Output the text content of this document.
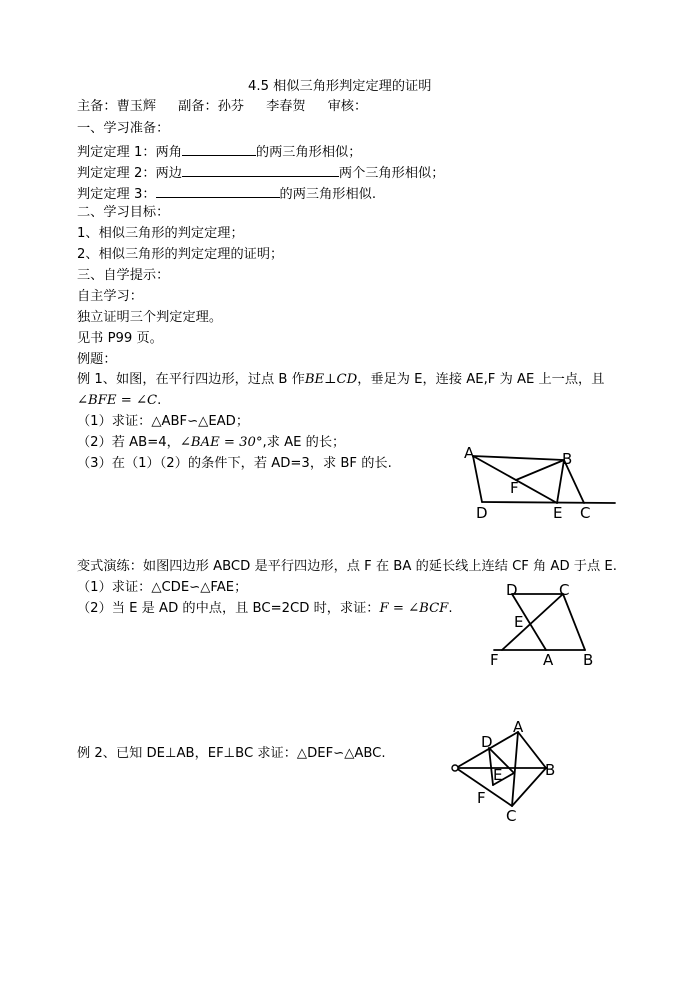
4.5 相似三角形判定定理的证明
主备：曹玉辉 副备：孙芬 李春贺 审核：
一、学习准备：
判定定理 1：两角	的两三角形相似；
判定定理 2：两边	两个三角形相似；
判定定理 3：	的两三角形相似.
二、学习目标：
1、相似三角形的判定定理；
2、相似三角形的判定定理的证明；
三、自学提示：
自主学习：
独立证明三个判定定理。
见书 P99 页。
例题：
例 1、如图，在平行四边形，过点 B 作BE⊥CD，垂足为 E，连接 AE,F 为 AE 上一点，且
∠BFE = ∠C.
（1）求证：△ABF∽△EAD；
（2）若 AB=4，∠BAE = 30°,求 AE 的长；
（3）在（1）（2）的条件下，若 AD=3，求 BF 的长.
A	B
F
D	E C
变式演练：如图四边形 ABCD 是平行四边形，点 F 在 BA 的延长线上连结 CF 角 AD 于点 E.
（1）求证：△CDE∽△FAE；
（2）当 E 是 AD 的中点，且 BC=2CD 时，求证：F = ∠BCF.
D	C
E
F	A B
例 2、已知 DE⊥AB，EF⊥BC 求证：△DEF∽△ABC.
A
D
E	B
F
C
